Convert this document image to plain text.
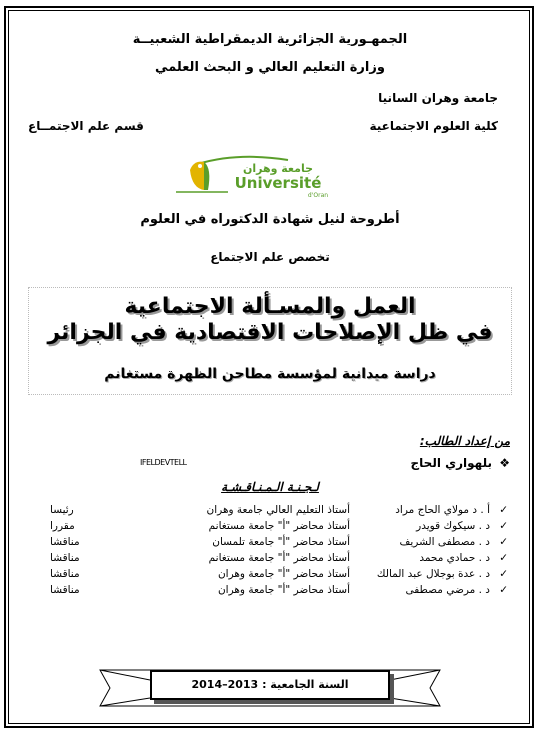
الجمهـورية الجزائرية الديمقراطية الشعبيــة
وزارة التعليم العالي و البحث العلمي
جامعة وهران السانيا
كلية العلوم الاجتماعية
قسم علم الاجتمــاع
جامعة وهران
Université
d'Oran
أطروحة لنيل شهادة الدكتوراه في العلوم
تخصص علم الاجتماع
العمل والمسـألة الاجتماعية
في ظل الإصلاحات الاقتصادية في الجزائر
دراسة ميدانية لمؤسسة مطاحن الظهرة مستغانم
من إعداد الطالب:
❖
بلهواري الحاج
IFELDEVTELL
لـجـنـة الـمـنـاقـشـة
✓
أ . د مولاي الحاج مراد
أستاذ التعليم العالي جامعة وهران
رئيسا
✓
د . سيكوك قويدر
أستاذ محاضر "أ" جامعة مستغانم
مقررا
✓
د . مصطفى الشريف
أستاذ محاضر "أ" جامعة تلمسان
مناقشا
✓
د . حمادي محمد
أستاذ محاضر "أ" جامعة مستغانم
مناقشا
✓
د . عدة بوجلال عبد المالك
أستاذ محاضر "أ" جامعة وهران
مناقشا
✓
د . مرضي مصطفى
أستاذ محاضر "أ" جامعة وهران
مناقشا
السنة الجامعية : 2014–2013
